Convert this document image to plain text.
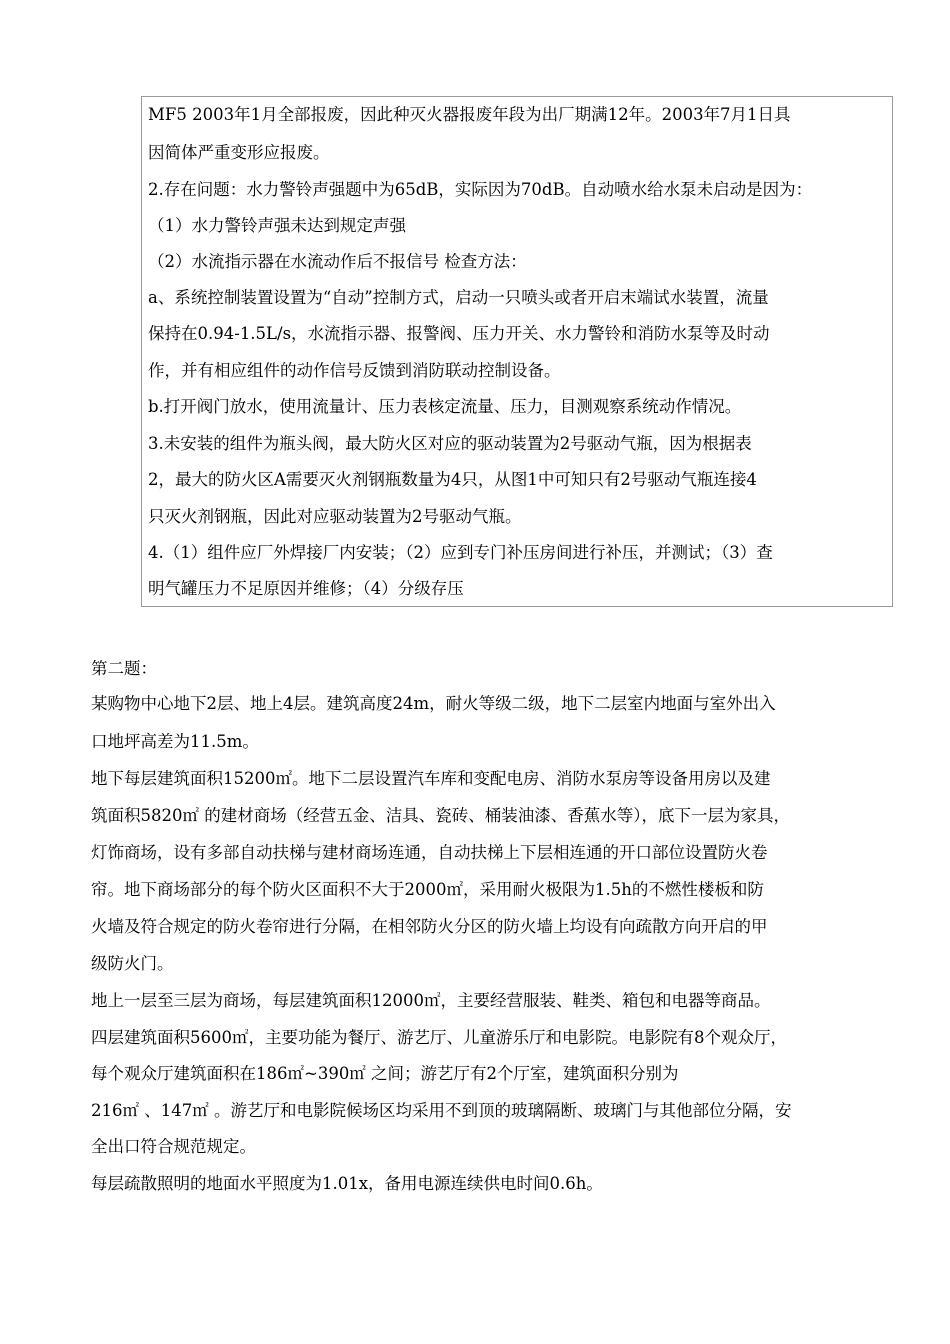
MF5 2003年1月全部报废，因此种灭火器报废年段为出厂期满12年。2003年7月1日具
因简体严重变形应报废。
2.存在问题：水力警铃声强题中为65dB，实际因为70dB。自动喷水给水泵未启动是因为：
（1）水力警铃声强未达到规定声强
（2）水流指示器在水流动作后不报信号 检查方法：
a、系统控制装置设置为“自动”控制方式，启动一只喷头或者开启末端试水装置，流量
保持在0.94-1.5L/s，水流指示器、报警阀、压力开关、水力警铃和消防水泵等及时动
作，并有相应组件的动作信号反馈到消防联动控制设备。
b.打开阀门放水，使用流量计、压力表核定流量、压力，目测观察系统动作情况。
3.未安装的组件为瓶头阀，最大防火区对应的驱动装置为2号驱动气瓶，因为根据表
2，最大的防火区A需要灭火剂钢瓶数量为4只，从图1中可知只有2号驱动气瓶连接4
只灭火剂钢瓶，因此对应驱动装置为2号驱动气瓶。
4.（1）组件应厂外焊接厂内安装；（2）应到专门补压房间进行补压，并测试；（3）查
明气罐压力不足原因并维修；（4）分级存压
第二题：
某购物中心地下2层、地上4层。建筑高度24m，耐火等级二级，地下二层室内地面与室外出入
口地坪高差为11.5m。
地下每层建筑面积15200㎡。地下二层设置汽车库和变配电房、消防水泵房等设备用房以及建
筑面积5820㎡ 的建材商场（经营五金、洁具、瓷砖、桶装油漆、香蕉水等），底下一层为家具，
灯饰商场，设有多部自动扶梯与建材商场连通，自动扶梯上下层相连通的开口部位设置防火卷
帘。地下商场部分的每个防火区面积不大于2000㎡，采用耐火极限为1.5h的不燃性楼板和防
火墙及符合规定的防火卷帘进行分隔，在相邻防火分区的防火墙上均设有向疏散方向开启的甲
级防火门。
地上一层至三层为商场，每层建筑面积12000㎡，主要经营服装、鞋类、箱包和电器等商品。
四层建筑面积5600㎡，主要功能为餐厅、游艺厅、儿童游乐厅和电影院。电影院有8个观众厅，
每个观众厅建筑面积在186㎡~390㎡ 之间；游艺厅有2个厅室，建筑面积分别为
216㎡ 、147㎡ 。游艺厅和电影院候场区均采用不到顶的玻璃隔断、玻璃门与其他部位分隔，安
全出口符合规范规定。
每层疏散照明的地面水平照度为1.01x，备用电源连续供电时间0.6h。
